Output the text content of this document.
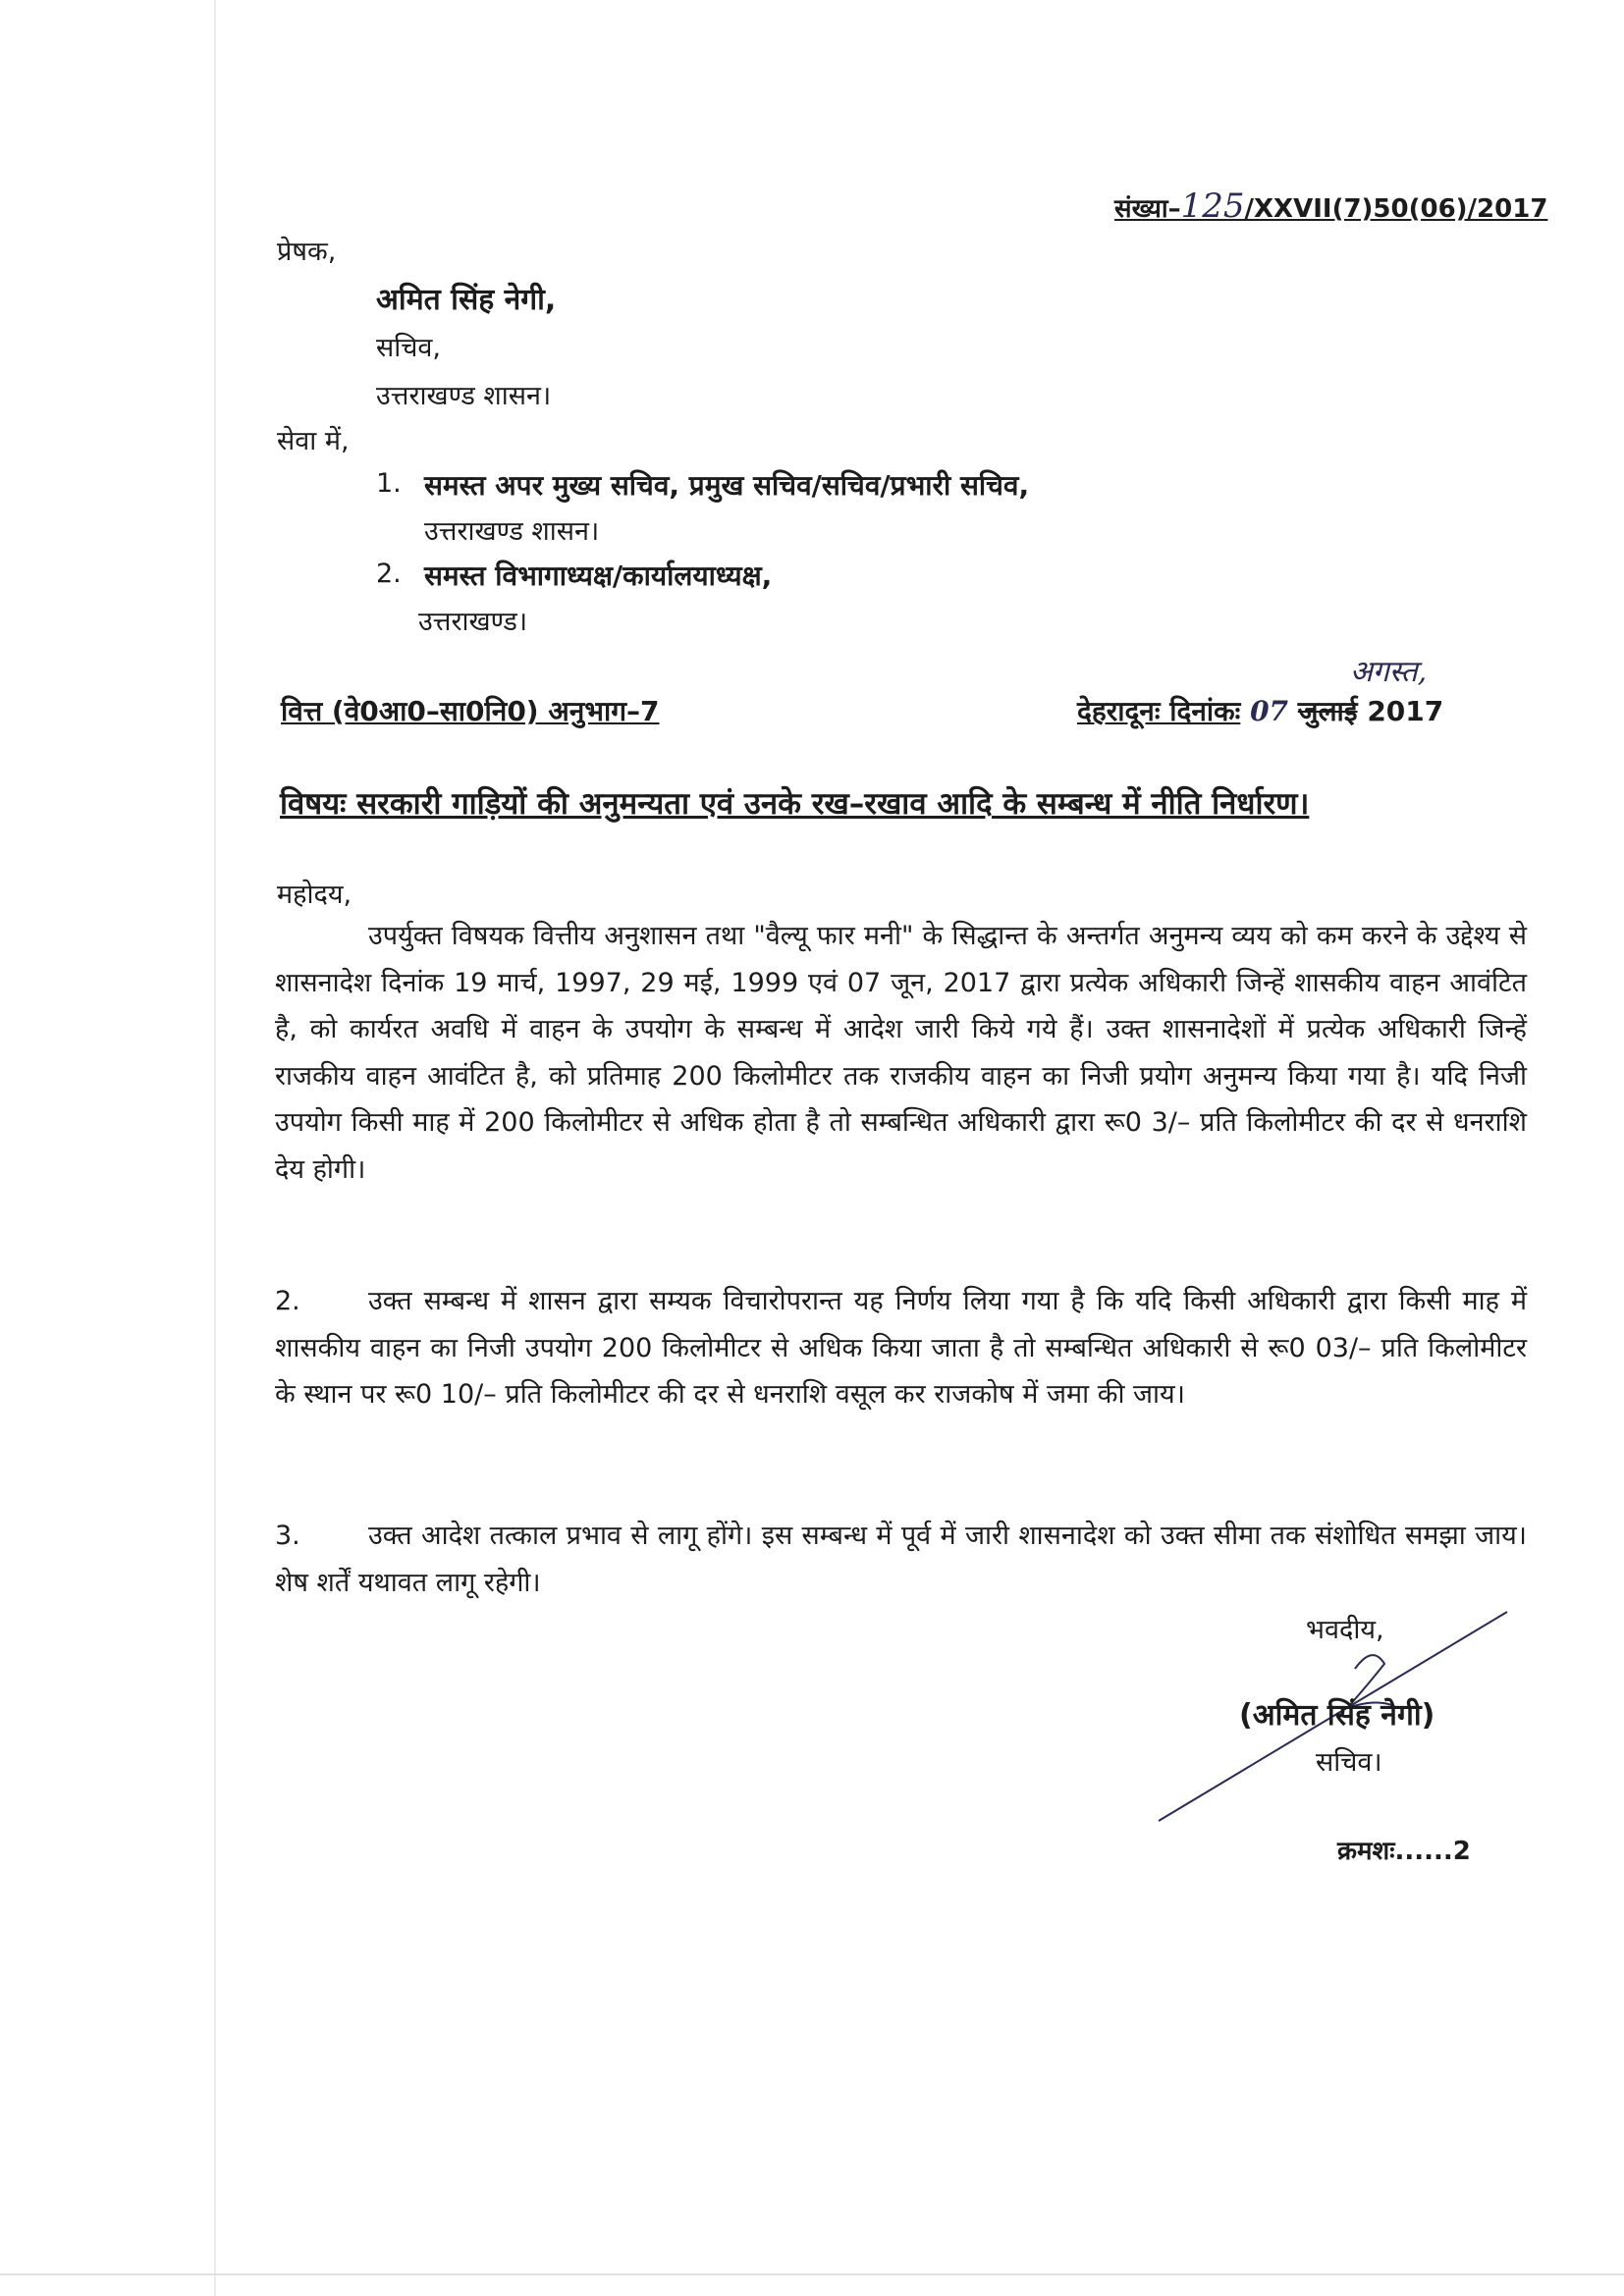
संख्या–125/XXVII(7)50(06)/2017
प्रेषक,
अमित सिंह नेगी,
सचिव,
उत्तराखण्ड शासन।
सेवा में,
1. समस्त अपर मुख्य सचिव, प्रमुख सचिव/सचिव/प्रभारी सचिव,
उत्तराखण्ड शासन।
2. समस्त विभागाध्यक्ष/कार्यालयाध्यक्ष,
उत्तराखण्ड।
वित्त (वे0आ0–सा0नि0) अनुभाग–7	देहरादूनः दिनांकः 07 जुलाई 2017
अगस्त,
विषयः सरकारी गाड़ियों की अनुमन्यता एवं उनके रख–रखाव आदि के सम्बन्ध में नीति निर्धारण।
महोदय,
उपर्युक्त विषयक वित्तीय अनुशासन तथा "वैल्यू फार मनी" के सिद्धान्त के अन्तर्गत अनुमन्य व्यय को कम करने के उद्देश्य से शासनादेश दिनांक 19 मार्च, 1997, 29 मई, 1999 एवं 07 जून, 2017 द्वारा प्रत्येक अधिकारी जिन्हें शासकीय वाहन आवंटित है, को कार्यरत अवधि में वाहन के उपयोग के सम्बन्ध में आदेश जारी किये गये हैं। उक्त शासनादेशों में प्रत्येक अधिकारी जिन्हें राजकीय वाहन आवंटित है, को प्रतिमाह 200 किलोमीटर तक राजकीय वाहन का निजी प्रयोग अनुमन्य किया गया है। यदि निजी उपयोग किसी माह में 200 किलोमीटर से अधिक होता है तो सम्बन्धित अधिकारी द्वारा रू0 3/– प्रति किलोमीटर की दर से धनराशि देय होगी।
2.	उक्त सम्बन्ध में शासन द्वारा सम्यक विचारोपरान्त यह निर्णय लिया गया है कि यदि किसी अधिकारी द्वारा किसी माह में शासकीय वाहन का निजी उपयोग 200 किलोमीटर से अधिक किया जाता है तो सम्बन्धित अधिकारी से रू0 03/– प्रति किलोमीटर के स्थान पर रू0 10/– प्रति किलोमीटर की दर से धनराशि वसूल कर राजकोष में जमा की जाय।
3.	उक्त आदेश तत्काल प्रभाव से लागू होंगे। इस सम्बन्ध में पूर्व में जारी शासनादेश को उक्त सीमा तक संशोधित समझा जाय। शेष शर्तें यथावत लागू रहेगी।
भवदीय,
(अमित सिंह नेगी)
सचिव।
क्रमशः......2
